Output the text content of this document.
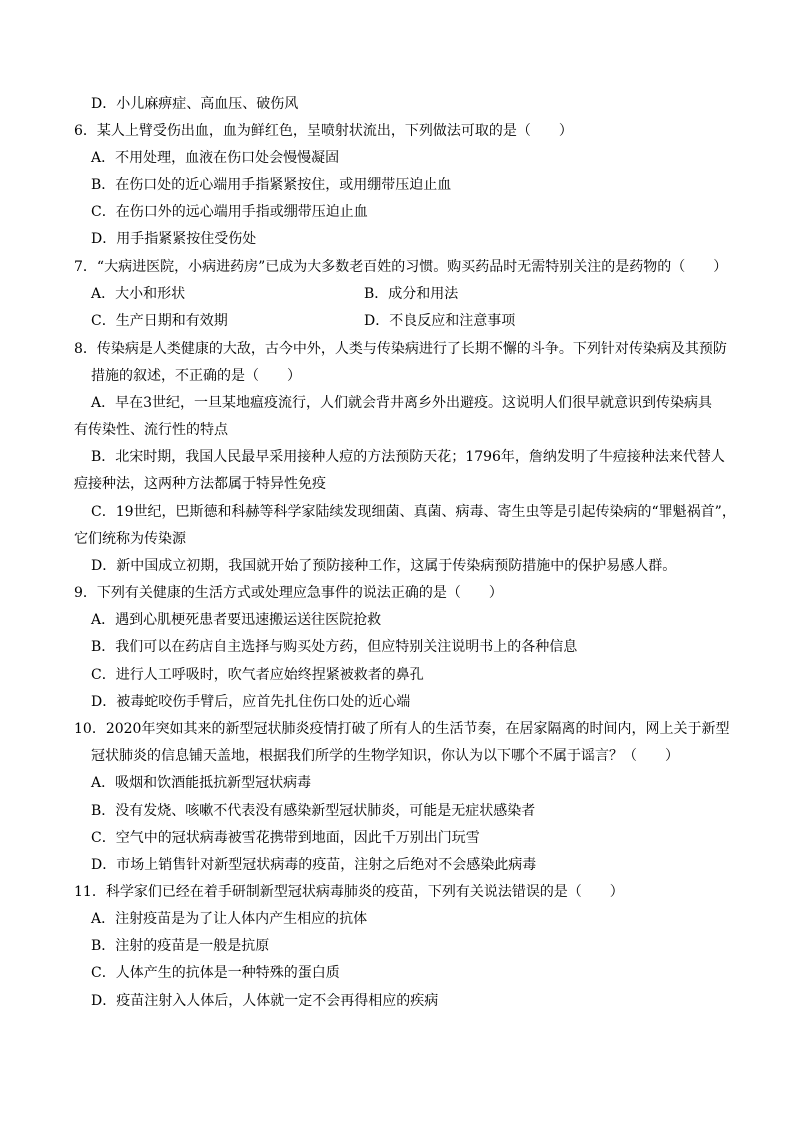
D．小儿麻痹症、高血压、破伤风
6．某人上臂受伤出血，血为鲜红色，呈喷射状流出，下列做法可取的是（　　）
A．不用处理，血液在伤口处会慢慢凝固
B．在伤口处的近心端用手指紧紧按住，或用绷带压迫止血
C．在伤口外的远心端用手指或绷带压迫止血
D．用手指紧紧按住受伤处
7．“大病进医院，小病进药房”已成为大多数老百姓的习惯。购买药品时无需特别关注的是药物的（　　）
A．大小和形状	B．成分和用法
C．生产日期和有效期	D．不良反应和注意事项
8．传染病是人类健康的大敌，古今中外，人类与传染病进行了长期不懈的斗争。下列针对传染病及其预防
措施的叙述，不正确的是（　　）
A．早在3世纪，一旦某地瘟疫流行，人们就会背井离乡外出避疫。这说明人们很早就意识到传染病具
有传染性、流行性的特点
B．北宋时期，我国人民最早采用接种人痘的方法预防天花；1796年，詹纳发明了牛痘接种法来代替人
痘接种法，这两种方法都属于特异性免疫
C．19世纪，巴斯德和科赫等科学家陆续发现细菌、真菌、病毒、寄生虫等是引起传染病的“罪魁祸首”，
它们统称为传染源
D．新中国成立初期，我国就开始了预防接种工作，这属于传染病预防措施中的保护易感人群。
9．下列有关健康的生活方式或处理应急事件的说法正确的是（　　）
A．遇到心肌梗死患者要迅速搬运送往医院抢救
B．我们可以在药店自主选择与购买处方药，但应特别关注说明书上的各种信息
C．进行人工呼吸时，吹气者应始终捏紧被救者的鼻孔
D．被毒蛇咬伤手臂后，应首先扎住伤口处的近心端
10．2020年突如其来的新型冠状肺炎疫情打破了所有人的生活节奏，在居家隔离的时间内，网上关于新型
冠状肺炎的信息铺天盖地，根据我们所学的生物学知识，你认为以下哪个不属于谣言？（　　）
A．吸烟和饮酒能抵抗新型冠状病毒
B．没有发烧、咳嗽不代表没有感染新型冠状肺炎，可能是无症状感染者
C．空气中的冠状病毒被雪花携带到地面，因此千万别出门玩雪
D．市场上销售针对新型冠状病毒的疫苗，注射之后绝对不会感染此病毒
11．科学家们已经在着手研制新型冠状病毒肺炎的疫苗，下列有关说法错误的是（　　）
A．注射疫苗是为了让人体内产生相应的抗体
B．注射的疫苗是一般是抗原
C．人体产生的抗体是一种特殊的蛋白质
D．疫苗注射入人体后，人体就一定不会再得相应的疾病
